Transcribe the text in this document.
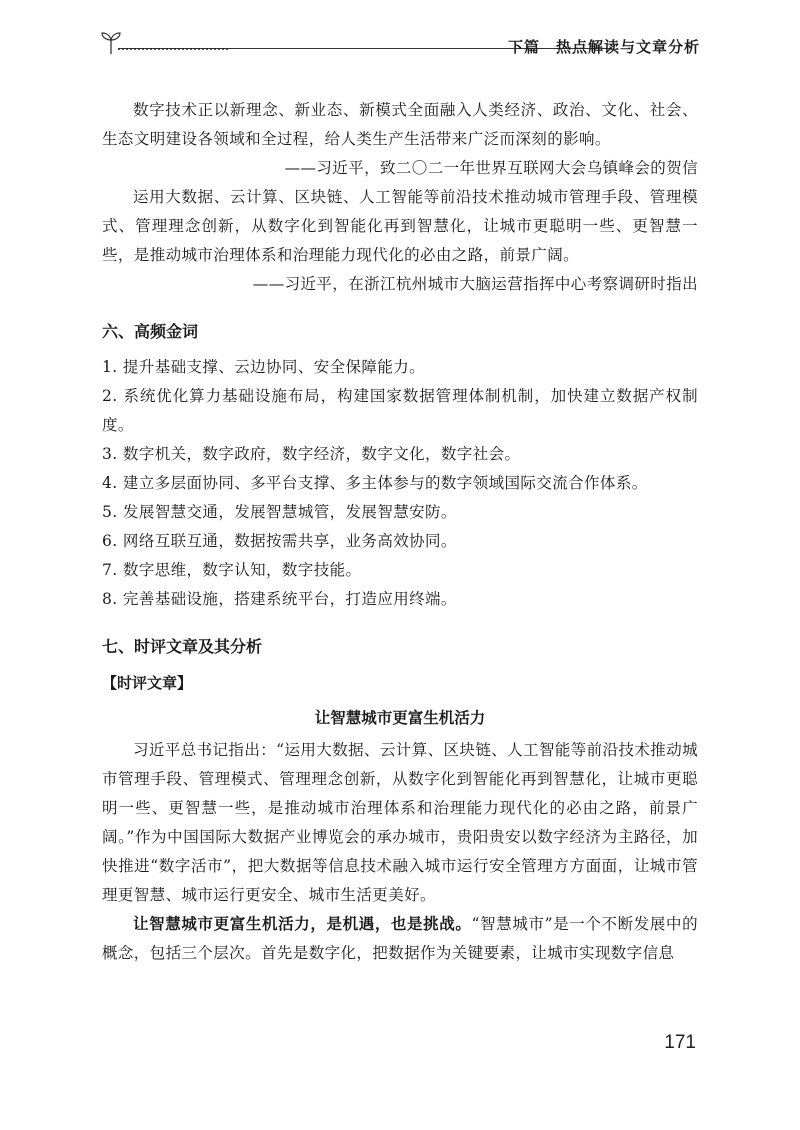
下篇　热点解读与文章分析

数字技术正以新理念、新业态、新模式全面融入人类经济、政治、文化、社会、生态文明建设各领域和全过程，给人类生产生活带来广泛而深刻的影响。

——习近平，致二〇二一年世界互联网大会乌镇峰会的贺信

运用大数据、云计算、区块链、人工智能等前沿技术推动城市管理手段、管理模式、管理理念创新，从数字化到智能化再到智慧化，让城市更聪明一些、更智慧一些，是推动城市治理体系和治理能力现代化的必由之路，前景广阔。

——习近平，在浙江杭州城市大脑运营指挥中心考察调研时指出

六、高频金词

1. 提升基础支撑、云边协同、安全保障能力。

2. 系统优化算力基础设施布局，构建国家数据管理体制机制，加快建立数据产权制度。

3. 数字机关，数字政府，数字经济，数字文化，数字社会。

4. 建立多层面协同、多平台支撑、多主体参与的数字领域国际交流合作体系。

5. 发展智慧交通，发展智慧城管，发展智慧安防。

6. 网络互联互通，数据按需共享，业务高效协同。

7. 数字思维，数字认知，数字技能。

8. 完善基础设施，搭建系统平台，打造应用终端。

七、时评文章及其分析
【时评文章】
让智慧城市更富生机活力

习近平总书记指出：“运用大数据、云计算、区块链、人工智能等前沿技术推动城市管理手段、管理模式、管理理念创新，从数字化到智能化再到智慧化，让城市更聪明一些、更智慧一些，是推动城市治理体系和治理能力现代化的必由之路，前景广阔。”作为中国国际大数据产业博览会的承办城市，贵阳贵安以数字经济为主路径，加快推进“数字活市”，把大数据等信息技术融入城市运行安全管理方方面面，让城市管理更智慧、城市运行更安全、城市生活更美好。

让智慧城市更富生机活力，是机遇，也是挑战。“智慧城市”是一个不断发展中的概念，包括三个层次。首先是数字化，把数据作为关键要素，让城市实现数字信息

171
